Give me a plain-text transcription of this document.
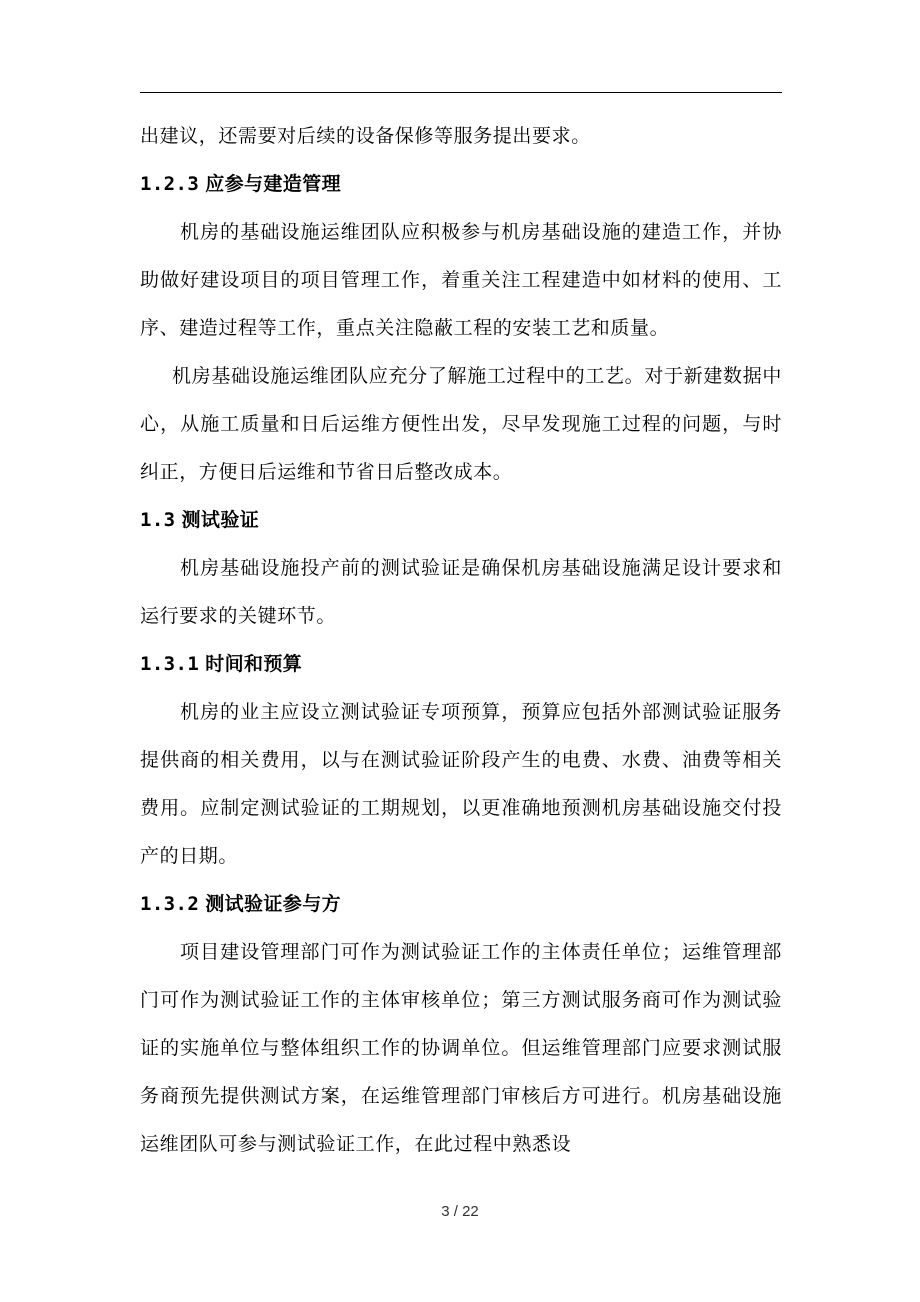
出建议，还需要对后续的设备保修等服务提出要求。

1.2.3 应参与建造管理

机房的基础设施运维团队应积极参与机房基础设施的建造工作，并协助做好建设项目的项目管理工作，着重关注工程建造中如材料的使用、工序、建造过程等工作，重点关注隐蔽工程的安装工艺和质量。

机房基础设施运维团队应充分了解施工过程中的工艺。对于新建数据中心，从施工质量和日后运维方便性出发，尽早发现施工过程的问题，与时纠正，方便日后运维和节省日后整改成本。

1.3 测试验证

机房基础设施投产前的测试验证是确保机房基础设施满足设计要求和运行要求的关键环节。

1.3.1 时间和预算

机房的业主应设立测试验证专项预算，预算应包括外部测试验证服务提供商的相关费用，以与在测试验证阶段产生的电费、水费、油费等相关费用。应制定测试验证的工期规划，以更准确地预测机房基础设施交付投产的日期。

1.3.2 测试验证参与方

项目建设管理部门可作为测试验证工作的主体责任单位；运维管理部门可作为测试验证工作的主体审核单位；第三方测试服务商可作为测试验证的实施单位与整体组织工作的协调单位。但运维管理部门应要求测试服务商预先提供测试方案，在运维管理部门审核后方可进行。机房基础设施运维团队可参与测试验证工作，在此过程中熟悉设

3 / 22
